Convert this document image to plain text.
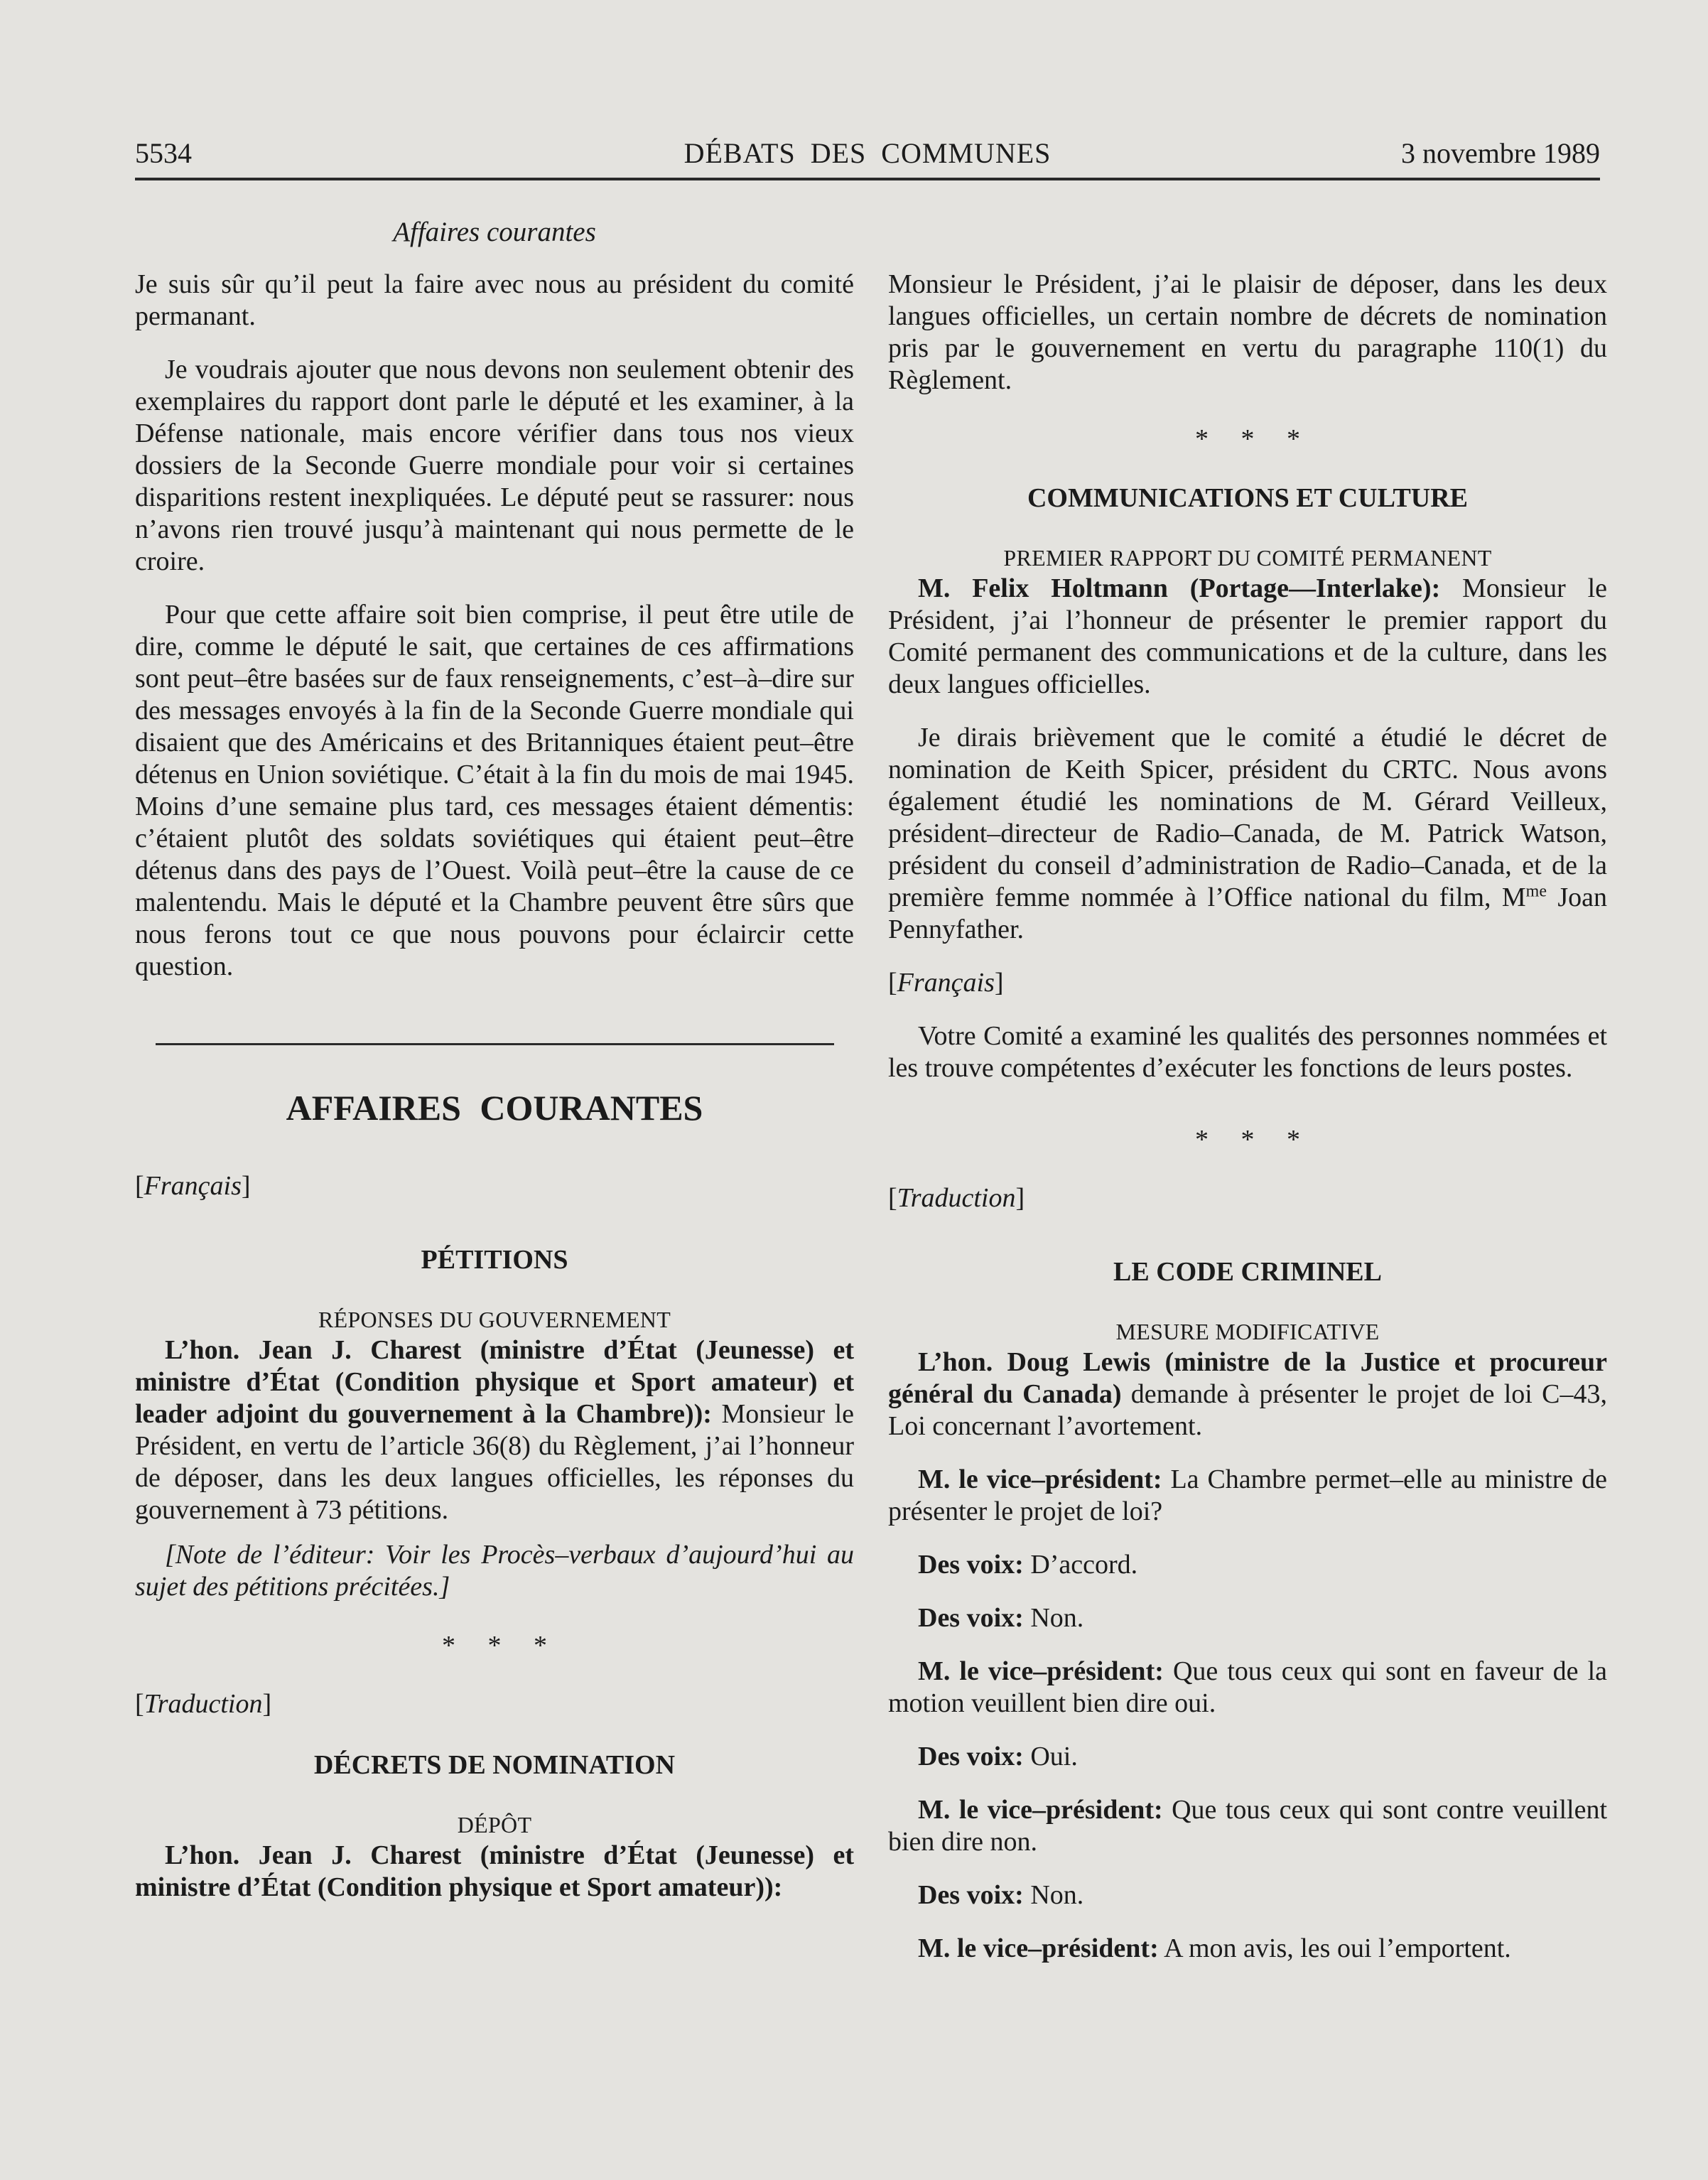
5534	DÉBATS DES COMMUNES	3 novembre 1989
Affaires courantes

Je suis sûr qu’il peut la faire avec nous au président du comité permanant.

Je voudrais ajouter que nous devons non seulement obtenir des exemplaires du rapport dont parle le député et les examiner, à la Défense nationale, mais encore vérifier dans tous nos vieux dossiers de la Seconde Guerre mondiale pour voir si certaines disparitions restent inexpliquées. Le député peut se rassurer: nous n’avons rien trouvé jusqu’à maintenant qui nous permette de le croire.

Pour que cette affaire soit bien comprise, il peut être utile de dire, comme le député le sait, que certaines de ces affirmations sont peut–être basées sur de faux renseignements, c’est–à–dire sur des messages envoyés à la fin de la Seconde Guerre mondiale qui disaient que des Américains et des Britanniques étaient peut–être détenus en Union soviétique. C’était à la fin du mois de mai 1945. Moins d’une semaine plus tard, ces messages étaient démentis: c’étaient plutôt des soldats soviétiques qui étaient peut–être détenus dans des pays de l’Ouest. Voilà peut–être la cause de ce malentendu. Mais le député et la Chambre peuvent être sûrs que nous ferons tout ce que nous pouvons pour éclaircir cette question.

AFFAIRES COURANTES
[Français]
PÉTITIONS
RÉPONSES DU GOUVERNEMENT

L’hon. Jean J. Charest (ministre d’État (Jeunesse) et ministre d’État (Condition physique et Sport amateur) et leader adjoint du gouvernement à la Chambre)): Monsieur le Président, en vertu de l’article 36(8) du Règlement, j’ai l’honneur de déposer, dans les deux langues officielles, les réponses du gouvernement à 73 pétitions.

[Note de l’éditeur: Voir les Procès–verbaux d’aujourd’hui au sujet des pétitions précitées.]

* * *
[Traduction]
DÉCRETS DE NOMINATION
DÉPÔT

L’hon. Jean J. Charest (ministre d’État (Jeunesse) et ministre d’État (Condition physique et Sport amateur)):

Monsieur le Président, j’ai le plaisir de déposer, dans les deux langues officielles, un certain nombre de décrets de nomination pris par le gouvernement en vertu du paragraphe 110(1) du Règlement.

* * *
COMMUNICATIONS ET CULTURE
PREMIER RAPPORT DU COMITÉ PERMANENT

M. Felix Holtmann (Portage—Interlake): Monsieur le Président, j’ai l’honneur de présenter le premier rapport du Comité permanent des communications et de la culture, dans les deux langues officielles.

Je dirais brièvement que le comité a étudié le décret de nomination de Keith Spicer, président du CRTC. Nous avons également étudié les nominations de M. Gérard Veilleux, président–directeur de Radio–Canada, de M. Patrick Watson, président du conseil d’administration de Radio–Canada, et de la première femme nommée à l’Office national du film, $M^{me}$ Joan Pennyfather.

[Français]

Votre Comité a examiné les qualités des personnes nommées et les trouve compétentes d’exécuter les fonctions de leurs postes.

* * *
[Traduction]
LE CODE CRIMINEL
MESURE MODIFICATIVE

L’hon. Doug Lewis (ministre de la Justice et procureur général du Canada) demande à présenter le projet de loi C–43, Loi concernant l’avortement.

M. le vice–président: La Chambre permet–elle au ministre de présenter le projet de loi?

Des voix: D’accord.

Des voix: Non.

M. le vice–président: Que tous ceux qui sont en faveur de la motion veuillent bien dire oui.

Des voix: Oui.

M. le vice–président: Que tous ceux qui sont contre veuillent bien dire non.

Des voix: Non.

M. le vice–président: A mon avis, les oui l’emportent.
